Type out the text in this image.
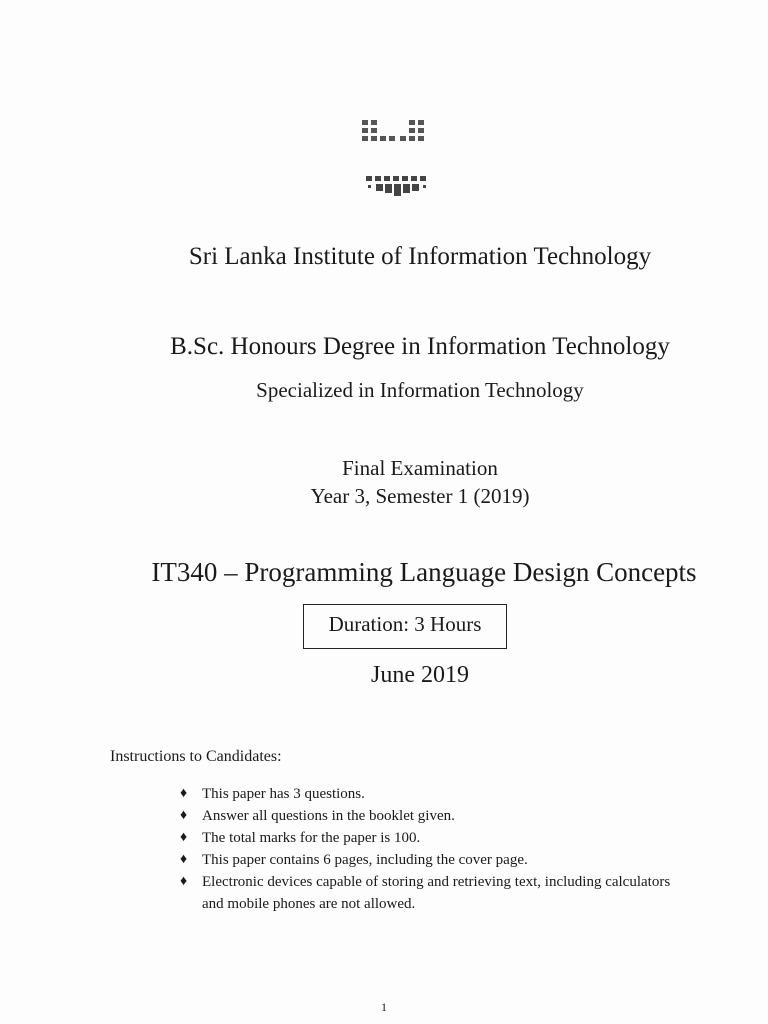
Sri Lanka Institute of Information Technology
B.Sc. Honours Degree in Information Technology
Specialized in Information Technology
Final Examination
Year 3, Semester 1 (2019)
IT340 – Programming Language Design Concepts
Duration: 3 Hours
June 2019
Instructions to Candidates:
♦ This paper has 3 questions.
♦ Answer all questions in the booklet given.
♦ The total marks for the paper is 100.
♦ This paper contains 6 pages, including the cover page.
♦ Electronic devices capable of storing and retrieving text, including calculators and mobile phones are not allowed.
1
